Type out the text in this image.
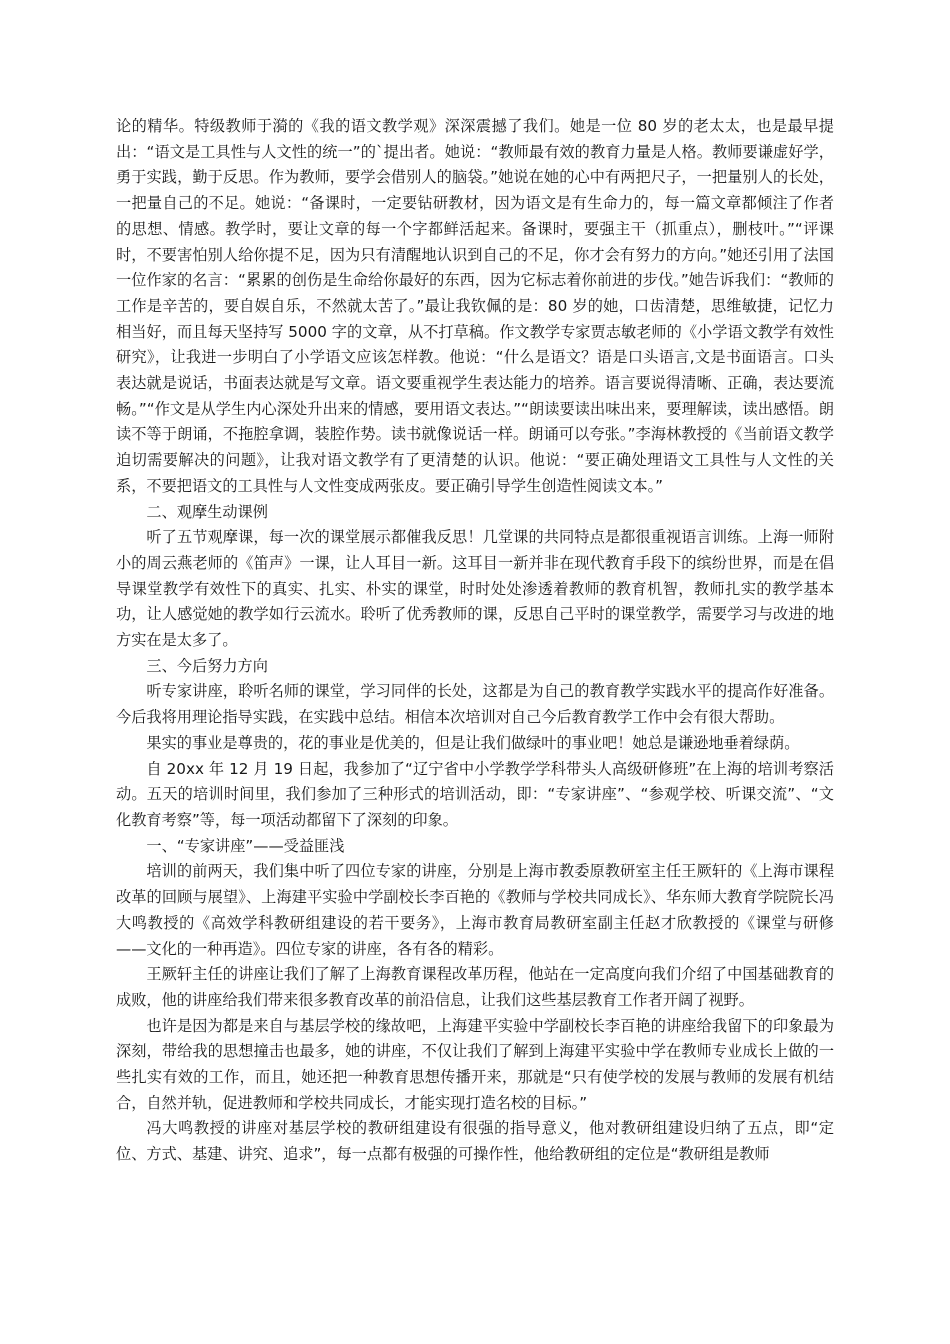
论的精华。特级教师于漪的《我的语文教学观》深深震撼了我们。她是一位 80 岁的老太太，也是最早提出：“语文是工具性与人文性的统一”的`提出者。她说：“教师最有效的教育力量是人格。教师要谦虚好学，勇于实践，勤于反思。作为教师，要学会借别人的脑袋。”她说在她的心中有两把尺子，一把量别人的长处，一把量自己的不足。她说：“备课时，一定要钻研教材，因为语文是有生命力的，每一篇文章都倾注了作者的思想、情感。教学时，要让文章的每一个字都鲜活起来。备课时，要强主干（抓重点），删枝叶。”“评课时，不要害怕别人给你提不足，因为只有清醒地认识到自己的不足，你才会有努力的方向。”她还引用了法国一位作家的名言：“累累的创伤是生命给你最好的东西，因为它标志着你前进的步伐。”她告诉我们：“教师的工作是辛苦的，要自娱自乐，不然就太苦了。”最让我钦佩的是：80 岁的她，口齿清楚，思维敏捷，记忆力相当好，而且每天坚持写 5000 字的文章，从不打草稿。作文教学专家贾志敏老师的《小学语文教学有效性研究》，让我进一步明白了小学语文应该怎样教。他说：“什么是语文？语是口头语言,文是书面语言。口头表达就是说话，书面表达就是写文章。语文要重视学生表达能力的培养。语言要说得清晰、正确，表达要流畅。”“作文是从学生内心深处升出来的情感，要用语文表达。”“朗读要读出味出来，要理解读，读出感悟。朗读不等于朗诵，不拖腔拿调，装腔作势。读书就像说话一样。朗诵可以夸张。”李海林教授的《当前语文教学迫切需要解决的问题》，让我对语文教学有了更清楚的认识。他说：“要正确处理语文工具性与人文性的关系，不要把语文的工具性与人文性变成两张皮。要正确引导学生创造性阅读文本。”

二、观摩生动课例

听了五节观摩课，每一次的课堂展示都催我反思！几堂课的共同特点是都很重视语言训练。上海一师附小的周云燕老师的《笛声》一课，让人耳目一新。这耳目一新并非在现代教育手段下的缤纷世界，而是在倡导课堂教学有效性下的真实、扎实、朴实的课堂，时时处处渗透着教师的教育机智，教师扎实的教学基本功，让人感觉她的教学如行云流水。聆听了优秀教师的课，反思自己平时的课堂教学，需要学习与改进的地方实在是太多了。

三、今后努力方向

听专家讲座，聆听名师的课堂，学习同伴的长处，这都是为自己的教育教学实践水平的提高作好准备。今后我将用理论指导实践，在实践中总结。相信本次培训对自己今后教育教学工作中会有很大帮助。

果实的事业是尊贵的，花的事业是优美的，但是让我们做绿叶的事业吧！她总是谦逊地垂着绿荫。

自 20xx 年 12 月 19 日起，我参加了“辽宁省中小学教学学科带头人高级研修班”在上海的培训考察活动。五天的培训时间里，我们参加了三种形式的培训活动，即：“专家讲座”、“参观学校、听课交流”、“文化教育考察”等，每一项活动都留下了深刻的印象。

一、“专家讲座”——受益匪浅

培训的前两天，我们集中听了四位专家的讲座，分别是上海市教委原教研室主任王厥轩的《上海市课程改革的回顾与展望》、上海建平实验中学副校长李百艳的《教师与学校共同成长》、华东师大教育学院院长冯大鸣教授的《高效学科教研组建设的若干要务》，上海市教育局教研室副主任赵才欣教授的《课堂与研修——文化的一种再造》。四位专家的讲座，各有各的精彩。

王厥轩主任的讲座让我们了解了上海教育课程改革历程，他站在一定高度向我们介绍了中国基础教育的成败，他的讲座给我们带来很多教育改革的前沿信息，让我们这些基层教育工作者开阔了视野。

也许是因为都是来自与基层学校的缘故吧，上海建平实验中学副校长李百艳的讲座给我留下的印象最为深刻，带给我的思想撞击也最多，她的讲座，不仅让我们了解到上海建平实验中学在教师专业成长上做的一些扎实有效的工作，而且，她还把一种教育思想传播开来，那就是“只有使学校的发展与教师的发展有机结合，自然并轨，促进教师和学校共同成长，才能实现打造名校的目标。”

冯大鸣教授的讲座对基层学校的教研组建设有很强的指导意义，他对教研组建设归纳了五点，即“定位、方式、基建、讲究、追求”，每一点都有极强的可操作性，他给教研组的定位是“教研组是教师
